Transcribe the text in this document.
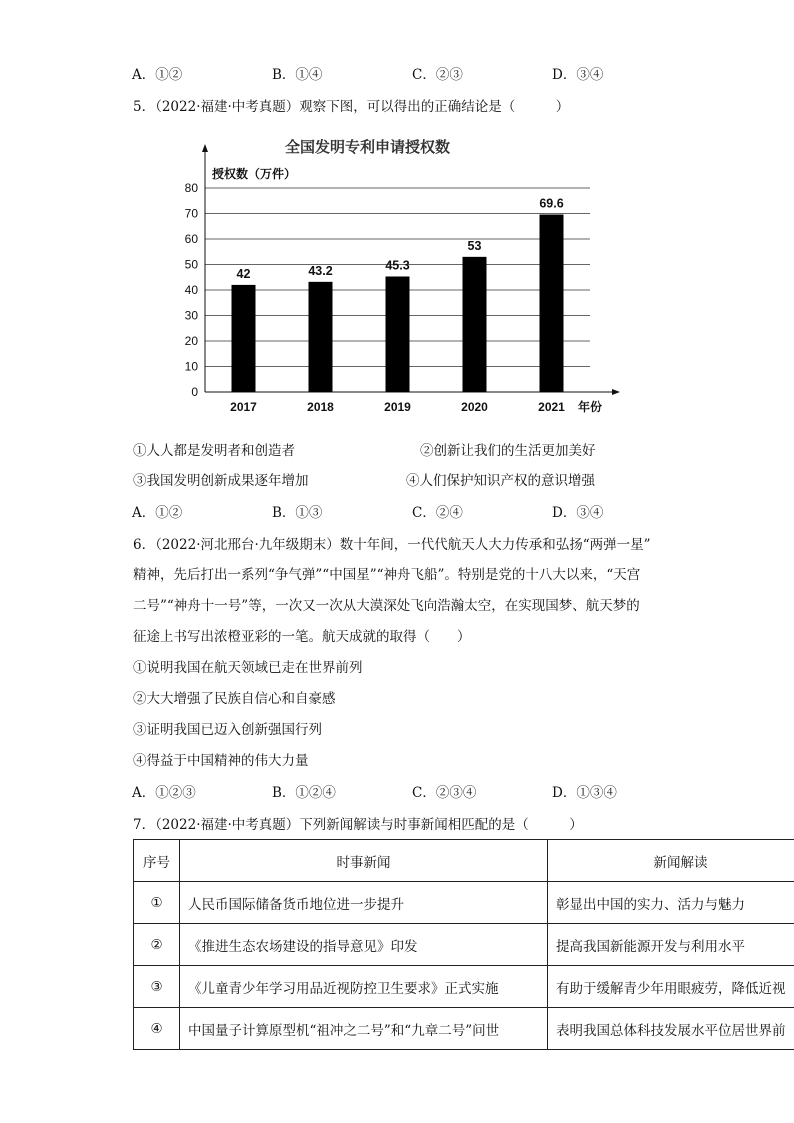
A．①②	B．①④	C．②③	D．③④
5．（2022·福建·中考真题）观察下图，可以得出的正确结论是（　　　）
全国发明专利申请授权数
授权数（万件）
年份
0
10
20
30
40
50
60
70
80
42	43.2	45.3
53
69.6
2017	2018	2019	2020	2021
①人人都是发明者和创造者	②创新让我们的生活更加美好
③我国发明创新成果逐年增加	④人们保护知识产权的意识增强
A．①②	B．①③	C．②④	D．③④
6．（2022·河北邢台·九年级期末）数十年间，一代代航天人大力传承和弘扬“两弹一星”
精神，先后打出一系列“争气弹”“中国星”“神舟飞船”。特别是党的十八大以来，“天宫
二号”“神舟十一号”等，一次又一次从大漠深处飞向浩瀚太空，在实现国梦、航天梦的
征途上书写出浓橙亚彩的一笔。航天成就的取得（　　）
①说明我国在航天领域已走在世界前列
②大大增强了民族自信心和自豪感
③证明我国已迈入创新强国行列
④得益于中国精神的伟大力量
A．①②③	B．①②④	C．②③④	D．①③④
7．（2022·福建·中考真题）下列新闻解读与时事新闻相匹配的是（　　　）
序号	时事新闻	新闻解读
①	人民币国际储备货币地位进一步提升	彰显出中国的实力、活力与魅力
②	《推进生态农场建设的指导意见》印发	提高我国新能源开发与利用水平
③	《儿童青少年学习用品近视防控卫生要求》正式实施	有助于缓解青少年用眼疲劳，降低近视
④	中国量子计算原型机“祖冲之二号”和“九章二号”问世	表明我国总体科技发展水平位居世界前
